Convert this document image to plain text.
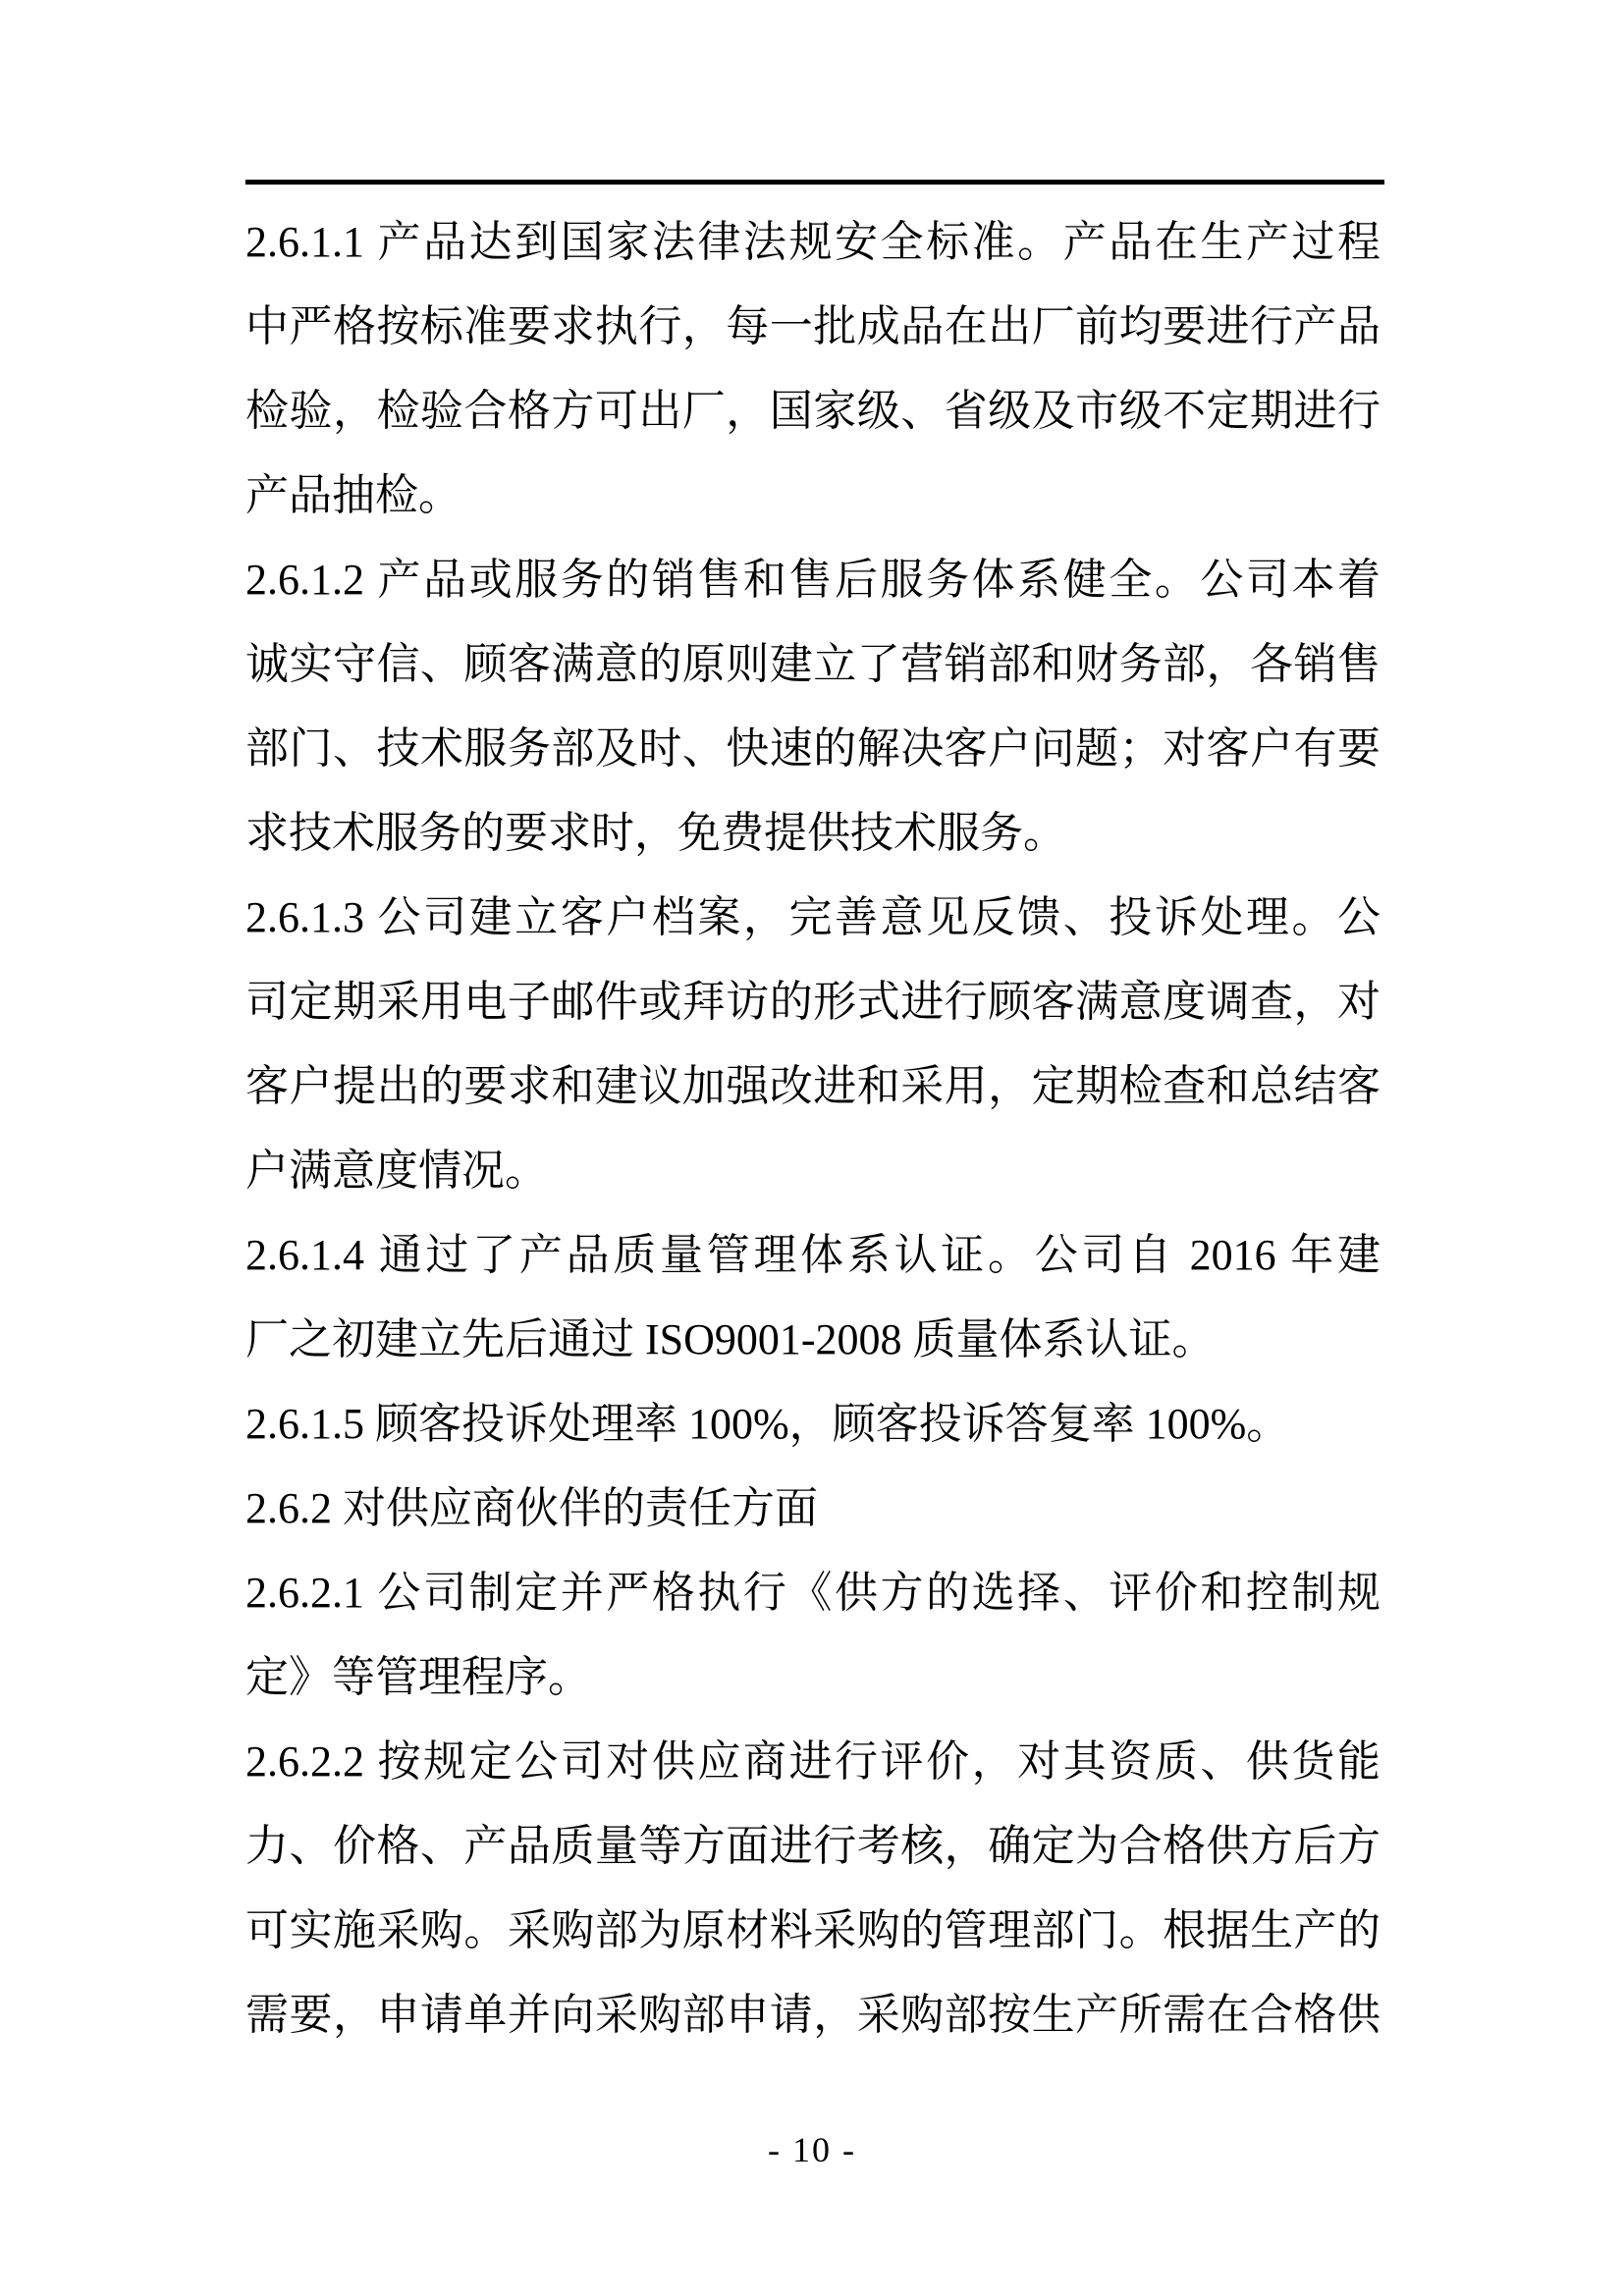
2.6.1.1 产品达到国家法律法规安全标准。产品在生产过程
中严格按标准要求执行，每一批成品在出厂前均要进行产品
检验，检验合格方可出厂，国家级、省级及市级不定期进行
产品抽检。
2.6.1.2 产品或服务的销售和售后服务体系健全。公司本着
诚实守信、顾客满意的原则建立了营销部和财务部，各销售
部门、技术服务部及时、快速的解决客户问题；对客户有要
求技术服务的要求时，免费提供技术服务。
2.6.1.3 公司建立客户档案，完善意见反馈、投诉处理。公
司定期采用电子邮件或拜访的形式进行顾客满意度调查，对
客户提出的要求和建议加强改进和采用，定期检查和总结客
户满意度情况。
2.6.1.4 通过了产品质量管理体系认证。公司自 2016 年建
厂之初建立先后通过 ISO9001-2008 质量体系认证。
2.6.1.5 顾客投诉处理率 100%，顾客投诉答复率 100%。
2.6.2 对供应商伙伴的责任方面
2.6.2.1 公司制定并严格执行《供方的选择、评价和控制规
定》等管理程序。
2.6.2.2 按规定公司对供应商进行评价，对其资质、供货能
力、价格、产品质量等方面进行考核，确定为合格供方后方
可实施采购。采购部为原材料采购的管理部门。根据生产的
需要，申请单并向采购部申请，采购部按生产所需在合格供
- 10 -
